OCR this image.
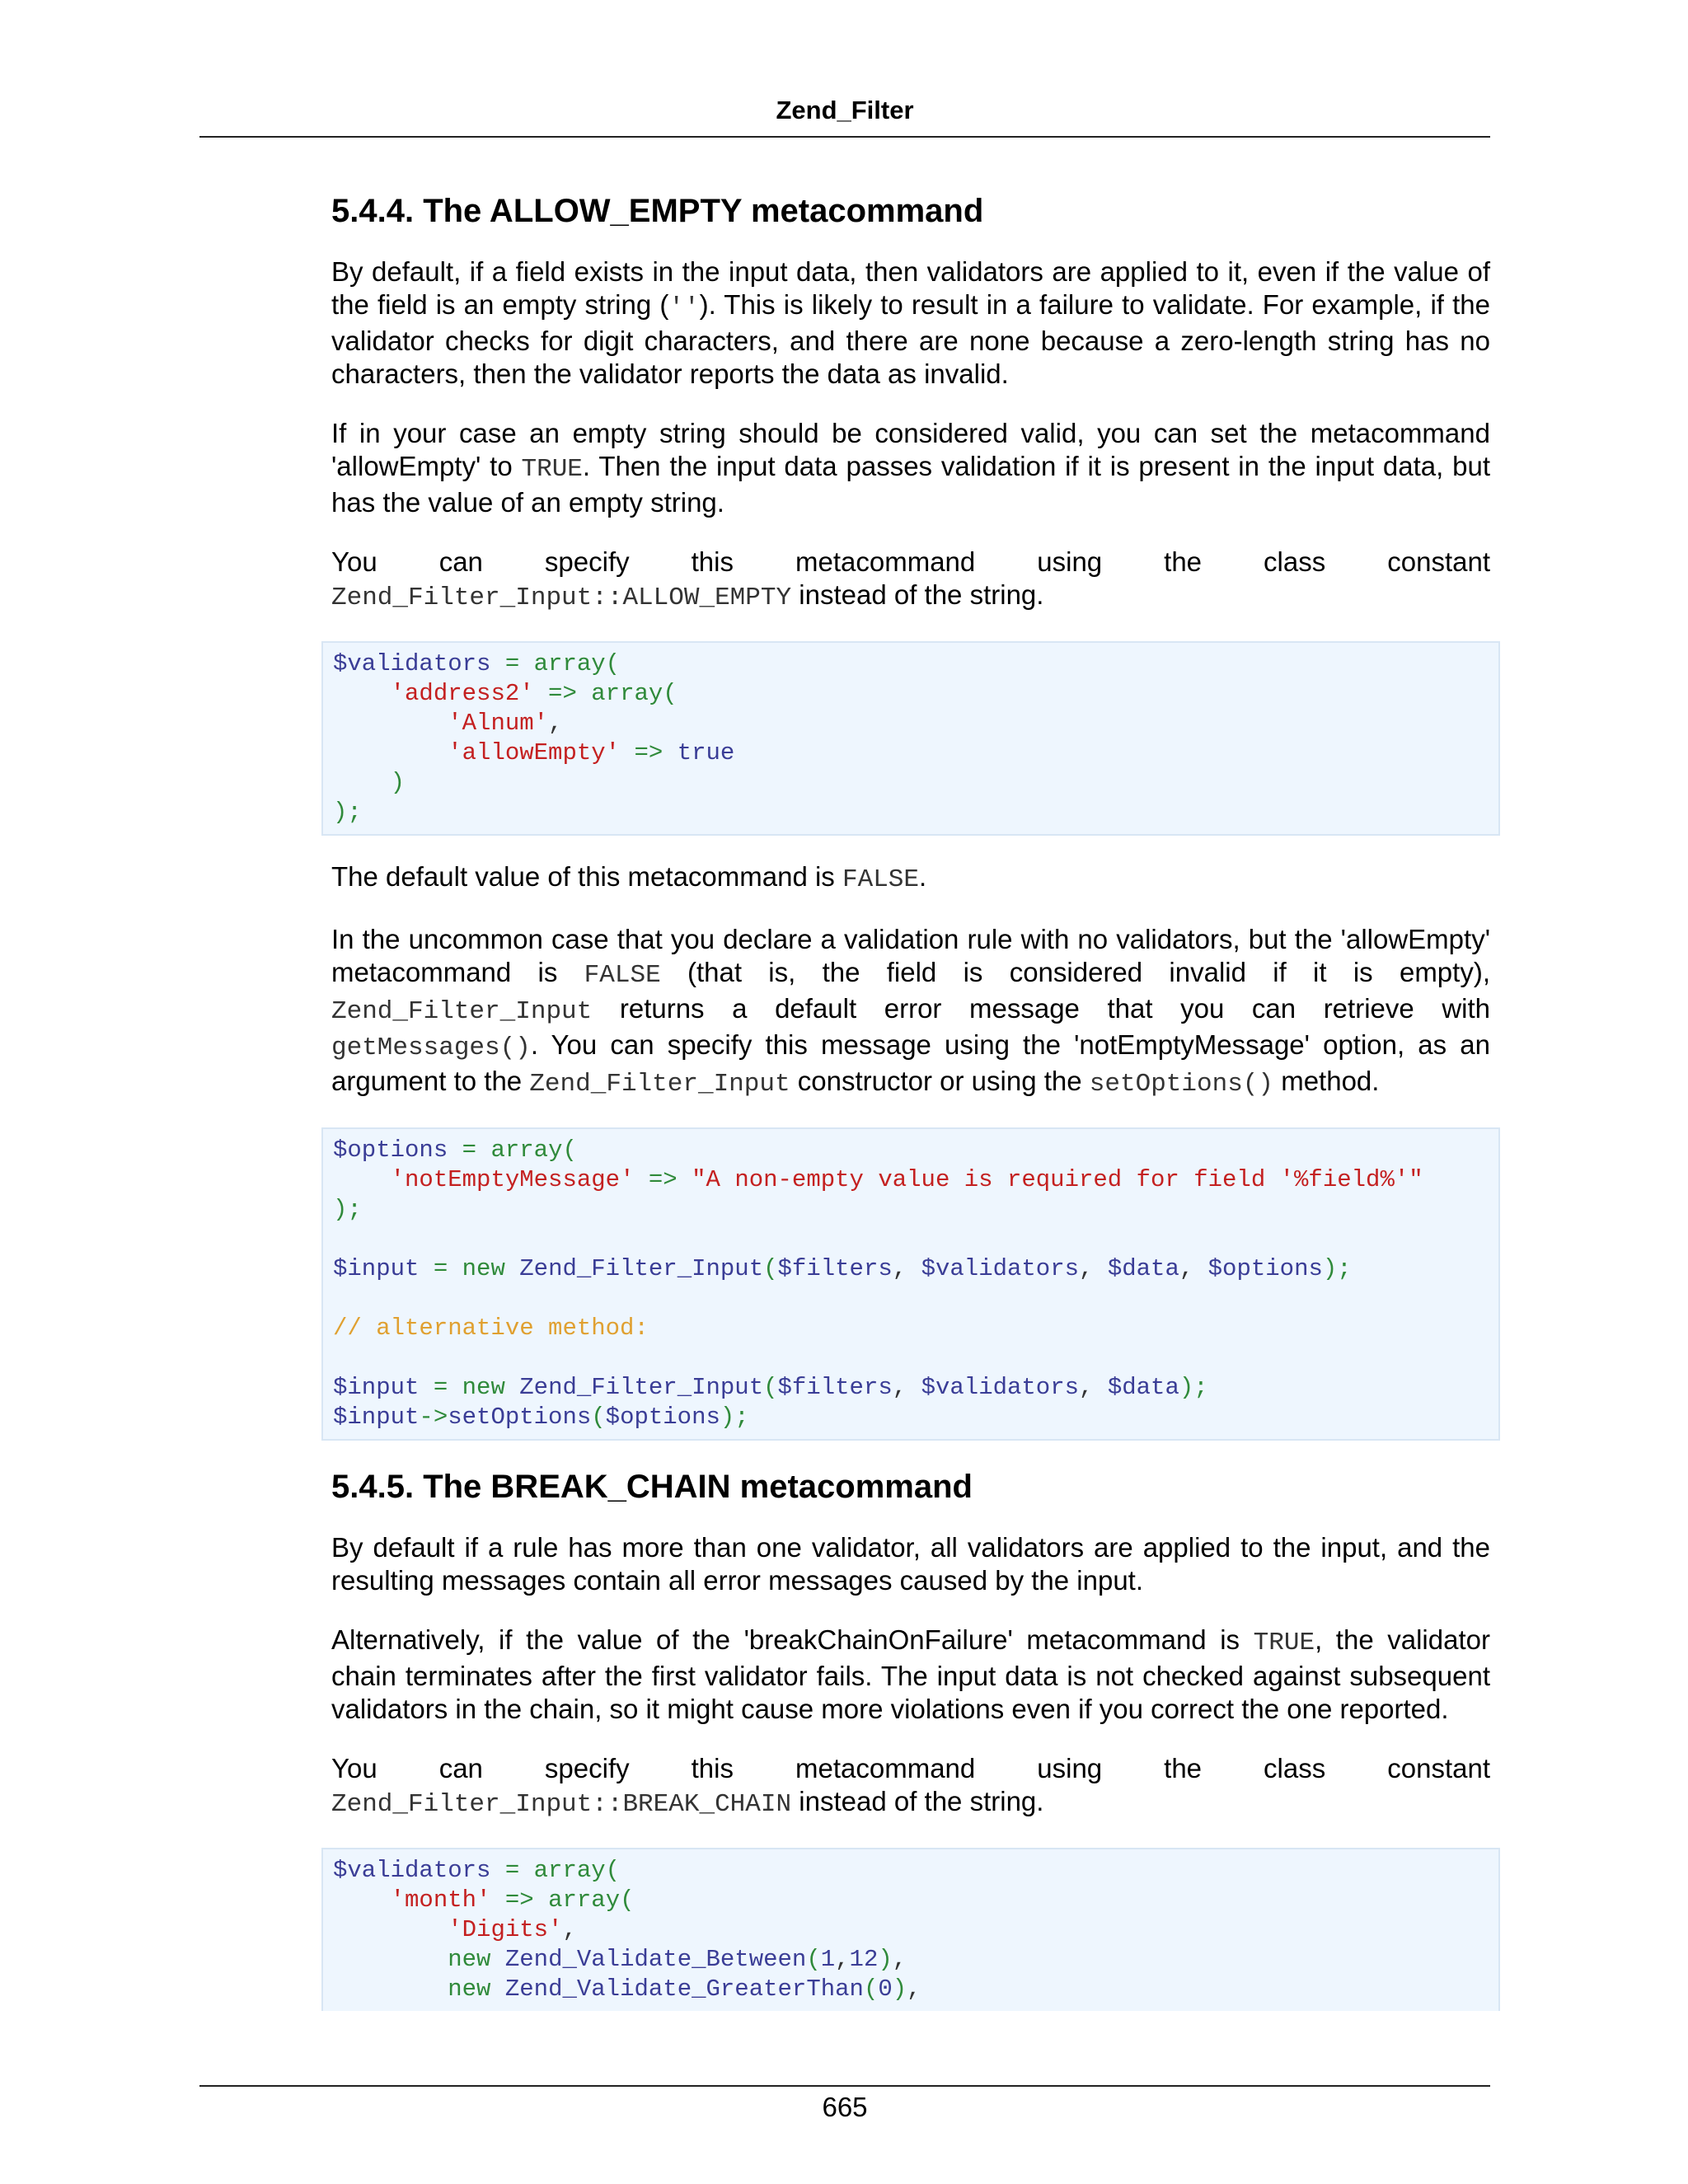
Zend_Filter
5.4.4. The ALLOW_EMPTY metacommand

By default, if a field exists in the input data, then validators are applied to it, even if the value of the field is an empty string (''). This is likely to result in a failure to validate. For example, if the validator checks for digit characters, and there are none because a zero-length string has no characters, then the validator reports the data as invalid.

If in your case an empty string should be considered valid, you can set the metacommand 'allowEmpty' to TRUE. Then the input data passes validation if it is present in the input data, but has the value of an empty string.

You can specify this metacommand using the class constant Zend_Filter_Input::ALLOW_EMPTY instead of the string.

$validators = array(
'address2' => array(
'Alnum',
'allowEmpty' => true
)
);

The default value of this metacommand is FALSE.

In the uncommon case that you declare a validation rule with no validators, but the 'allowEmpty' metacommand is FALSE (that is, the field is considered invalid if it is empty), Zend_Filter_Input returns a default error message that you can retrieve with getMessages(). You can specify this message using the 'notEmptyMessage' option, as an argument to the Zend_Filter_Input constructor or using the setOptions() method.

$options = array(
'notEmptyMessage' => "A non-empty value is required for field '%field%'"
);
$input = new Zend_Filter_Input($filters, $validators, $data, $options);
// alternative method:
$input = new Zend_Filter_Input($filters, $validators, $data);
$input->setOptions($options);
5.4.5. The BREAK_CHAIN metacommand

By default if a rule has more than one validator, all validators are applied to the input, and the resulting messages contain all error messages caused by the input.

Alternatively, if the value of the 'breakChainOnFailure' metacommand is TRUE, the validator chain terminates after the first validator fails. The input data is not checked against subsequent validators in the chain, so it might cause more violations even if you correct the one reported.

You can specify this metacommand using the class constant Zend_Filter_Input::BREAK_CHAIN instead of the string.

$validators = array(
'month' => array(
'Digits',
new Zend_Validate_Between(1,12),
new Zend_Validate_GreaterThan(0),
665
